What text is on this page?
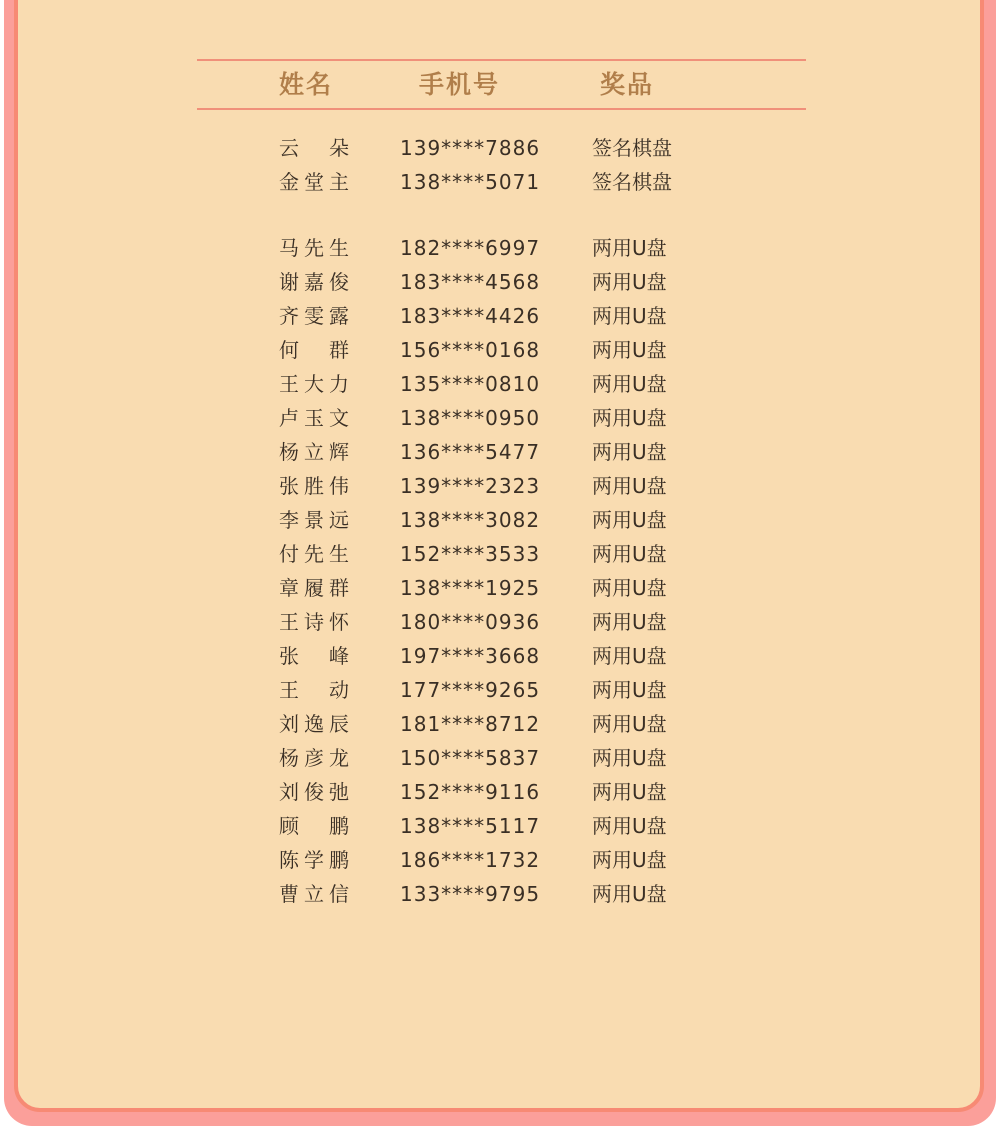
姓名	手机号	奖品
云 朵	139****7886	签名棋盘
金堂主	138****5071	签名棋盘
马先生	182****6997	两用U盘
谢嘉俊	183****4568	两用U盘
齐雯露	183****4426	两用U盘
何 群	156****0168	两用U盘
王大力	135****0810	两用U盘
卢玉文	138****0950	两用U盘
杨立辉	136****5477	两用U盘
张胜伟	139****2323	两用U盘
李景远	138****3082	两用U盘
付先生	152****3533	两用U盘
章履群	138****1925	两用U盘
王诗怀	180****0936	两用U盘
张 峰	197****3668	两用U盘
王 动	177****9265	两用U盘
刘逸辰	181****8712	两用U盘
杨彦龙	150****5837	两用U盘
刘俊弛	152****9116	两用U盘
顾 鹏	138****5117	两用U盘
陈学鹏	186****1732	两用U盘
曹立信	133****9795	两用U盘
